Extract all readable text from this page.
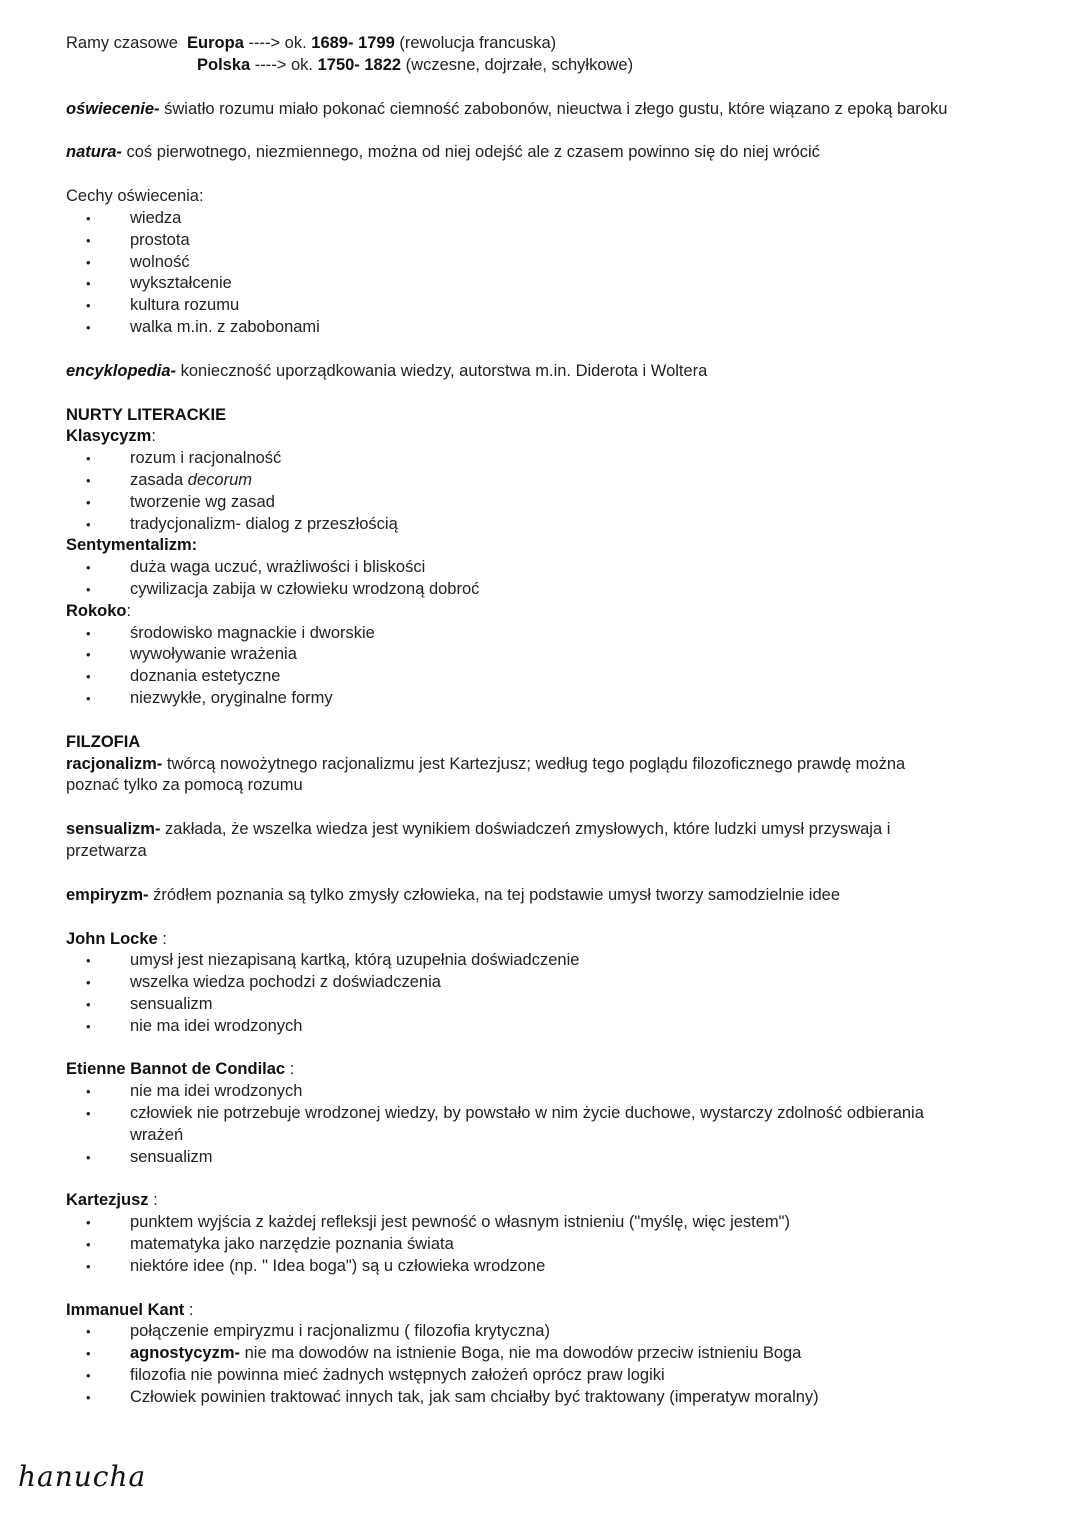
Ramy czasowe Europa ----> ok. 1689- 1799 (rewolucja francuska)
Polska ----> ok. 1750- 1822 (wczesne, dojrzałe, schyłkowe)
oświecenie- światło rozumu miało pokonać ciemność zabobonów, nieuctwa i złego gustu, które wiązano z epoką baroku
natura- coś pierwotnego, niezmiennego, można od niej odejść ale z czasem powinno się do niej wrócić
Cechy oświecenia:
• wiedza
• prostota
• wolność
• wykształcenie
• kultura rozumu
• walka m.in. z zabobonami
encyklopedia- konieczność uporządkowania wiedzy, autorstwa m.in. Diderota i Woltera
NURTY LITERACKIE
Klasycyzm:
• rozum i racjonalność
• zasada decorum
• tworzenie wg zasad
• tradycjonalizm- dialog z przeszłością
Sentymentalizm:
• duża waga uczuć, wrażliwości i bliskości
• cywilizacja zabija w człowieku wrodzoną dobroć
Rokoko:
• środowisko magnackie i dworskie
• wywoływanie wrażenia
• doznania estetyczne
• niezwykłe, oryginalne formy
FILZOFIA
racjonalizm- twórcą nowożytnego racjonalizmu jest Kartezjusz; według tego poglądu filozoficznego prawdę można
poznać tylko za pomocą rozumu
sensualizm- zakłada, że wszelka wiedza jest wynikiem doświadczeń zmysłowych, które ludzki umysł przyswaja i
przetwarza
empiryzm- źródłem poznania są tylko zmysły człowieka, na tej podstawie umysł tworzy samodzielnie idee
John Locke :
• umysł jest niezapisaną kartką, którą uzupełnia doświadczenie
• wszelka wiedza pochodzi z doświadczenia
• sensualizm
• nie ma idei wrodzonych
Etienne Bannot de Condilac :
• nie ma idei wrodzonych
• człowiek nie potrzebuje wrodzonej wiedzy, by powstało w nim życie duchowe, wystarczy zdolność odbierania
wrażeń
• sensualizm
Kartezjusz :
• punktem wyjścia z każdej refleksji jest pewność o własnym istnieniu ("myślę, więc jestem")
• matematyka jako narzędzie poznania świata
• niektóre idee (np. " Idea boga") są u człowieka wrodzone
Immanuel Kant :
• połączenie empiryzmu i racjonalizmu ( filozofia krytyczna)
• agnostycyzm- nie ma dowodów na istnienie Boga, nie ma dowodów przeciw istnieniu Boga
• filozofia nie powinna mieć żadnych wstępnych założeń oprócz praw logiki
• Człowiek powinien traktować innych tak, jak sam chciałby być traktowany (imperatyw moralny)
hanucha
